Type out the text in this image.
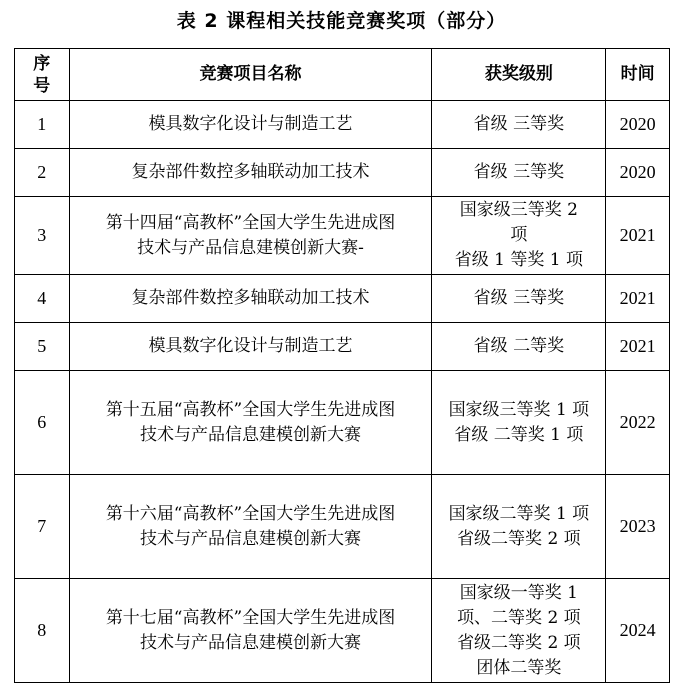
表 2 课程相关技能竞赛奖项（部分）
序
号	竞赛项目名称	获奖级别	时间
1	模具数字化设计与制造工艺	省级 三等奖	2020
2	复杂部件数控多轴联动加工技术	省级 三等奖	2020
3	第十四届“高教杯”全国大学生先进成图
技术与产品信息建模创新大赛-	国家级三等奖 2
项
省级 1 等奖 1 项	2021
4	复杂部件数控多轴联动加工技术	省级 三等奖	2021
5	模具数字化设计与制造工艺	省级 二等奖	2021
6	第十五届“高教杯”全国大学生先进成图
技术与产品信息建模创新大赛	国家级三等奖 1 项
省级 二等奖 1 项	2022
7	第十六届“高教杯”全国大学生先进成图
技术与产品信息建模创新大赛	国家级二等奖 1 项
省级二等奖 2 项	2023
8	第十七届“高教杯”全国大学生先进成图
技术与产品信息建模创新大赛	国家级一等奖 1
项、二等奖 2 项
省级二等奖 2 项
团体二等奖	2024
